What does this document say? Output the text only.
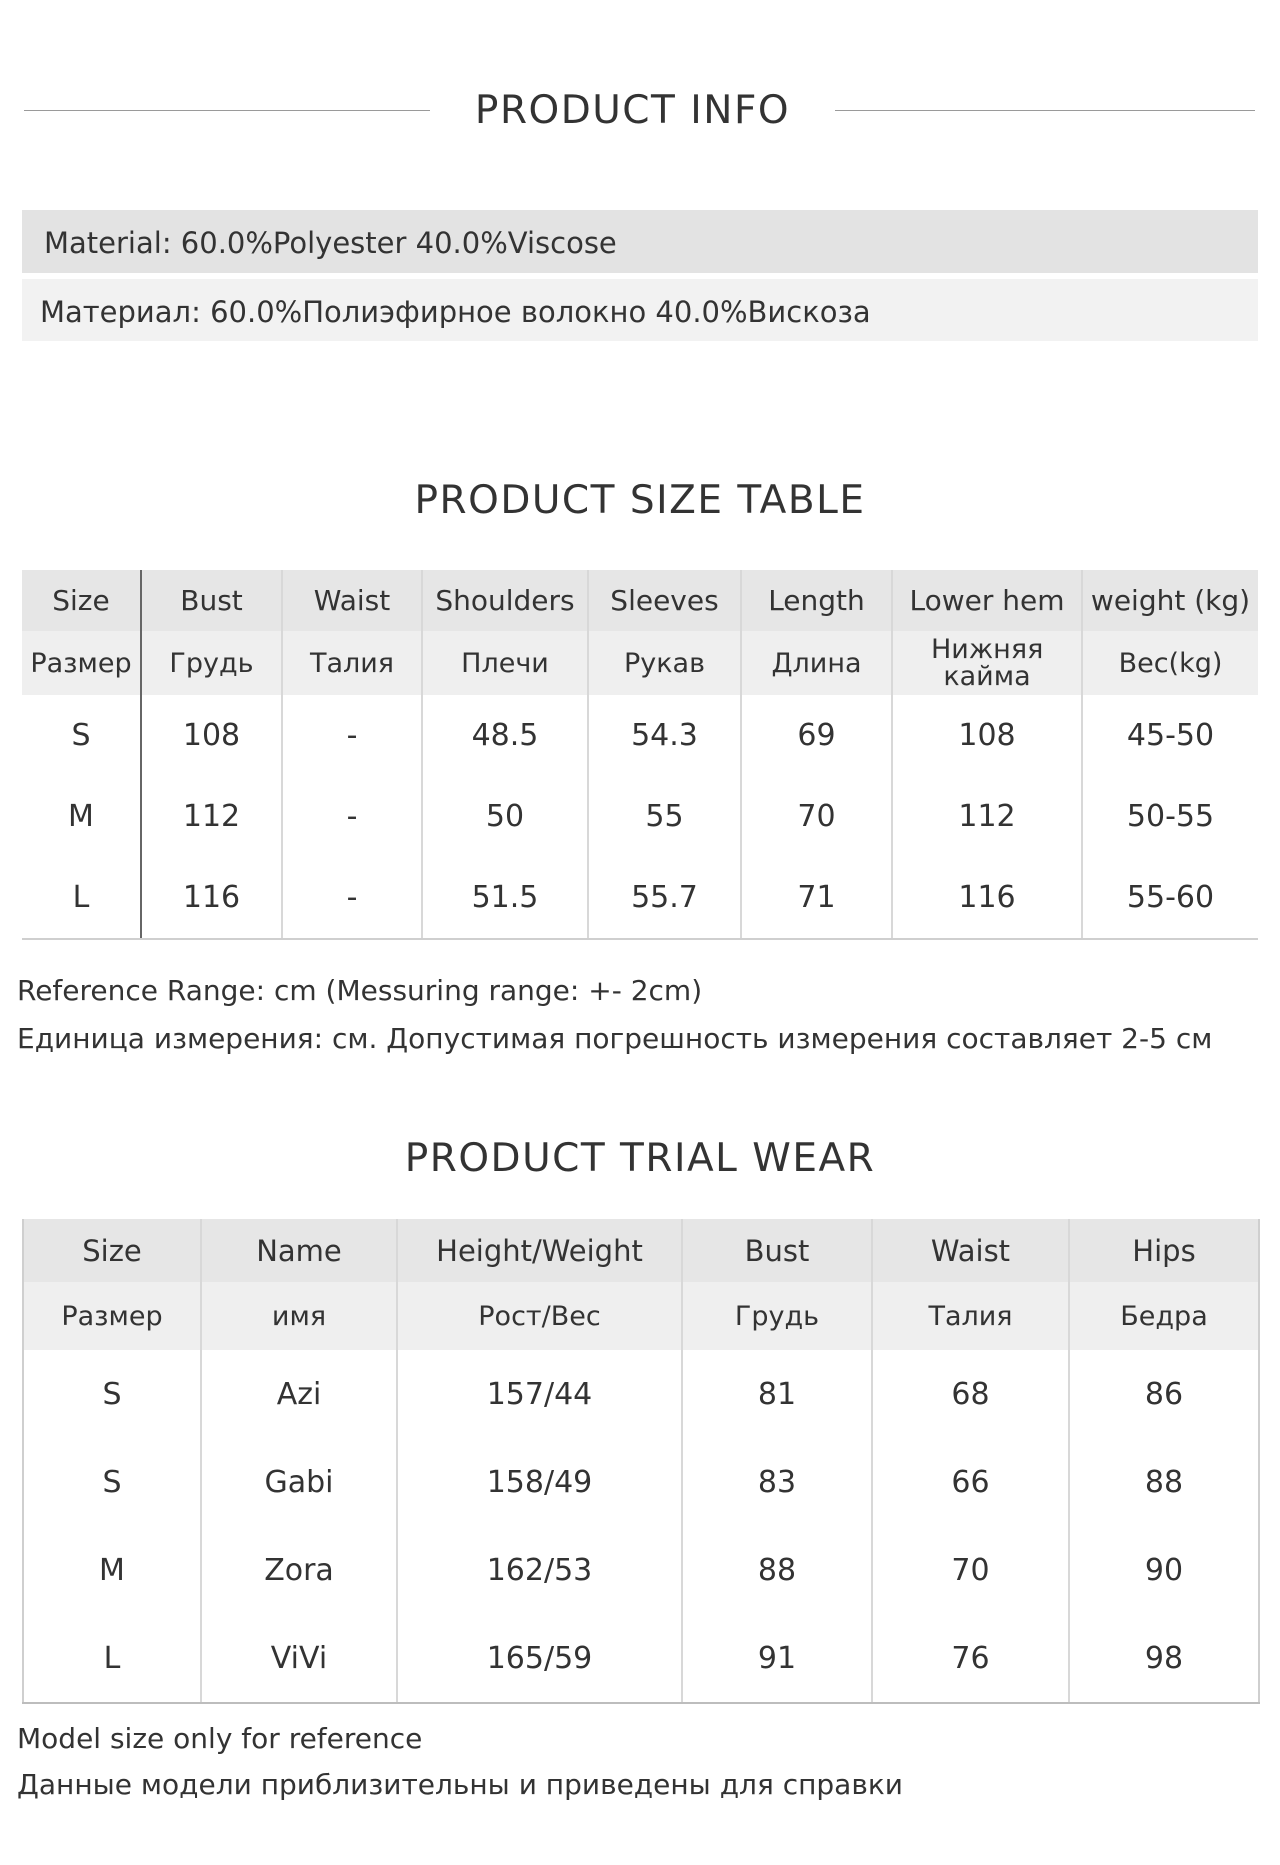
PRODUCT INFO
Material: 60.0%Polyester 40.0%Viscose
Материал: 60.0%Полиэфирное волокно 40.0%Вискоза
PRODUCT SIZE TABLE
Size	Bust	Waist	Shoulders	Sleeves	Length	Lower hem	weight (kg)
Размер	Грудь	Талия	Плечи	Рукав	Длина	Нижняя кайма	Вес(kg)
S	108	-	48.5	54.3	69	108	45-50
M	112	-	50	55	70	112	50-55
L	116	-	51.5	55.7	71	116	55-60
Reference Range: cm (Messuring range: +- 2cm)
Единица измерения: см. Допустимая погрешность измерения составляет 2-5 см
PRODUCT TRIAL WEAR
Size	Name	Height/Weight	Bust	Waist	Hips
Размер	имя	Рост/Вес	Грудь	Талия	Бедра
S	Azi	157/44	81	68	86
S	Gabi	158/49	83	66	88
M	Zora	162/53	88	70	90
L	ViVi	165/59	91	76	98
Model size only for reference
Данные модели приблизительны и приведены для справки
